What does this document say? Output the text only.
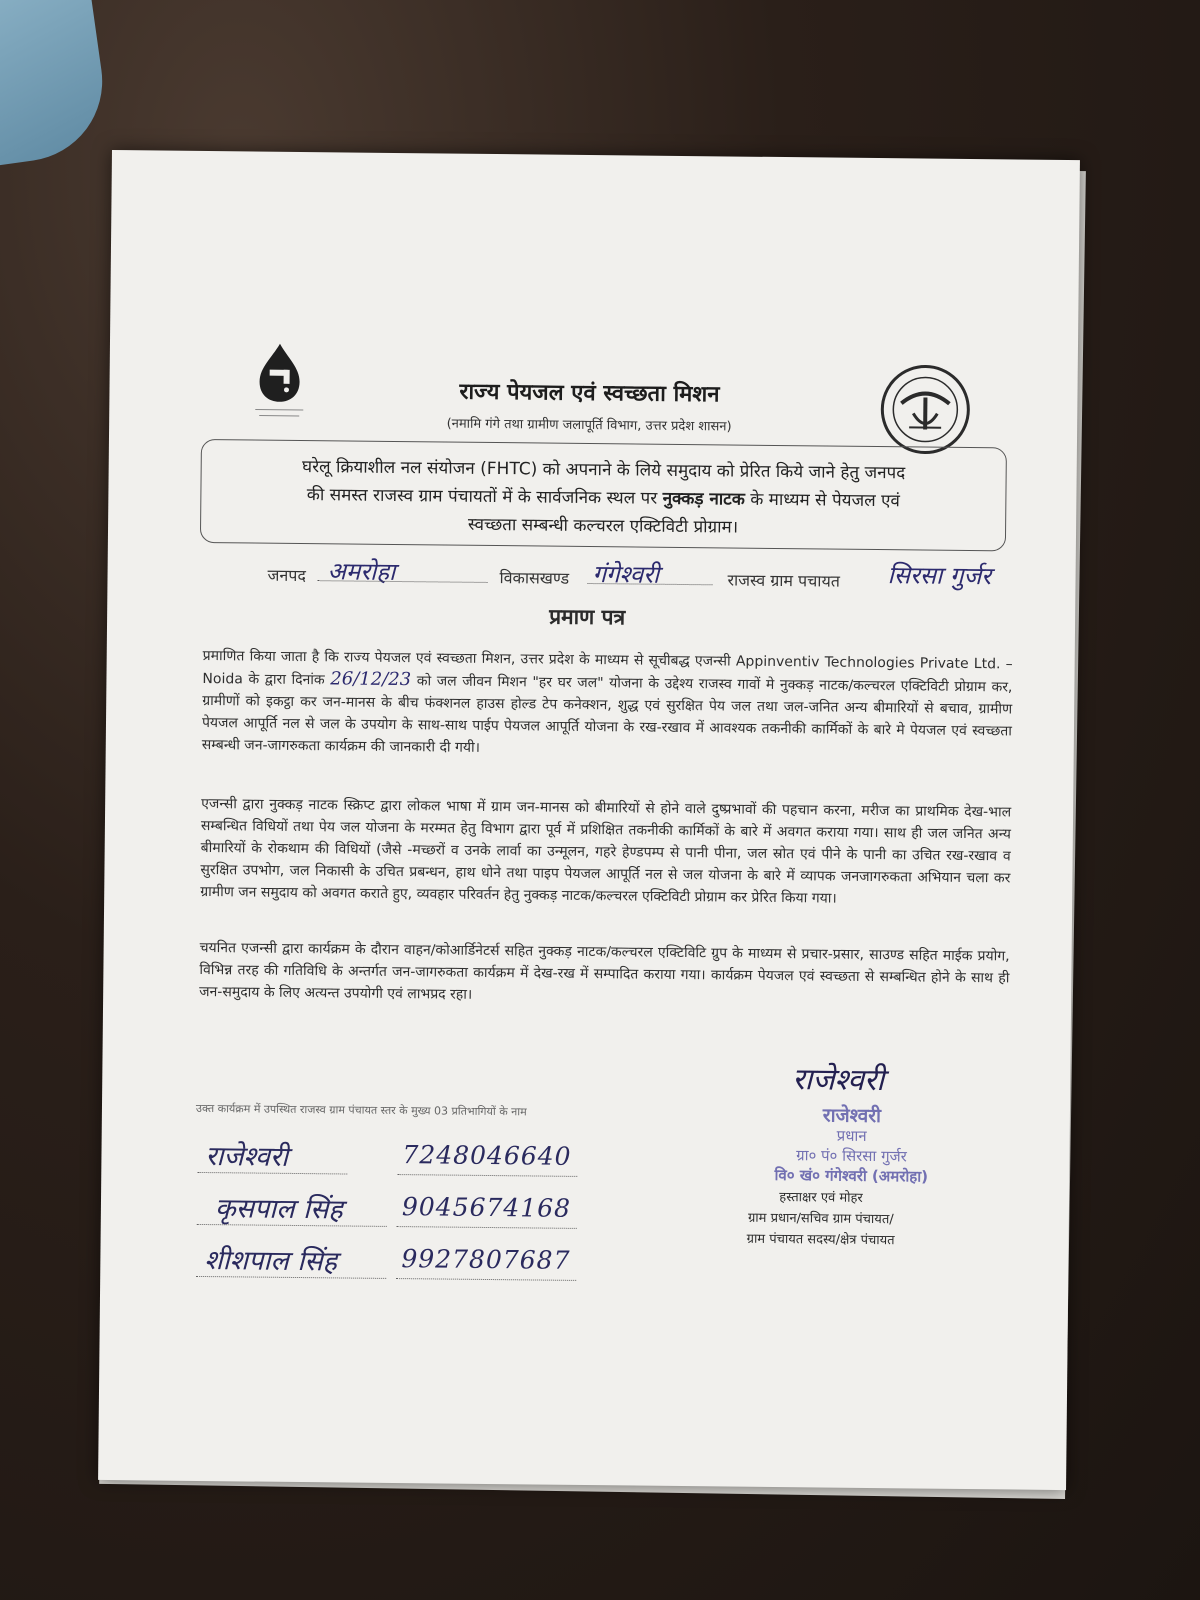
राज्य पेयजल एवं स्वच्छता मिशन
(नमामि गंगे तथा ग्रामीण जलापूर्ति विभाग, उत्तर प्रदेश शासन)
घरेलू क्रियाशील नल संयोजन (FHTC) को अपनाने के लिये समुदाय को प्रेरित किये जाने हेतु जनपद
की समस्त राजस्व ग्राम पंचायतों में के सार्वजनिक स्थल पर नुक्कड़ नाटक के माध्यम से पेयजल एवं
स्वच्छता सम्बन्धी कल्चरल एक्टिविटी प्रोग्राम।
जनपद अमरोहा	विकासखण्ड गंगेश्वरी	राजस्व ग्राम पचायत सिरसा गुर्जर
प्रमाण पत्र
प्रमाणित किया जाता है कि राज्य पेयजल एवं स्वच्छता मिशन, उत्तर प्रदेश के माध्यम से सूचीबद्ध एजन्सी Appinventiv Technologies Private Ltd. – Noida के द्वारा दिनांक 26/12/23 को जल जीवन मिशन "हर घर जल" योजना के उद्देश्य राजस्व गावों मे नुक्कड़ नाटक/कल्चरल एक्टिविटी प्रोग्राम कर, ग्रामीणों को इकट्ठा कर जन-मानस के बीच फंक्शनल हाउस होल्ड टेप कनेक्शन, शुद्ध एवं सुरक्षित पेय जल तथा जल-जनित अन्य बीमारियों से बचाव, ग्रामीण पेयजल आपूर्ति नल से जल के उपयोग के साथ-साथ पाईप पेयजल आपूर्ति योजना के रख-रखाव में आवश्यक तकनीकी कार्मिकों के बारे मे पेयजल एवं स्वच्छता सम्बन्धी जन-जागरुकता कार्यक्रम की जानकारी दी गयी।
एजन्सी द्वारा नुक्कड़ नाटक स्क्रिप्ट द्वारा लोकल भाषा में ग्राम जन-मानस को बीमारियों से होने वाले दुष्प्रभावों की पहचान करना, मरीज का प्राथमिक देख-भाल सम्बन्धित विधियों तथा पेय जल योजना के मरम्मत हेतु विभाग द्वारा पूर्व में प्रशिक्षित तकनीकी कार्मिकों के बारे में अवगत कराया गया। साथ ही जल जनित अन्य बीमारियों के रोकथाम की विधियों (जैसे -मच्छरों व उनके लार्वा का उन्मूलन, गहरे हेण्डपम्प से पानी पीना, जल स्रोत एवं पीने के पानी का उचित रख-रखाव व सुरक्षित उपभोग, जल निकासी के उचित प्रबन्धन, हाथ धोने तथा पाइप पेयजल आपूर्ति नल से जल योजना के बारे में व्यापक जनजागरुकता अभियान चला कर ग्रामीण जन समुदाय को अवगत कराते हुए, व्यवहार परिवर्तन हेतु नुक्कड़ नाटक/कल्चरल एक्टिविटी प्रोग्राम कर प्रेरित किया गया।
चयनित एजन्सी द्वारा कार्यक्रम के दौरान वाहन/कोआर्डिनेटर्स सहित नुक्कड़ नाटक/कल्चरल एक्टिविटि ग्रुप के माध्यम से प्रचार-प्रसार, साउण्ड सहित माईक प्रयोग, विभिन्न तरह की गतिविधि के अन्तर्गत जन-जागरुकता कार्यक्रम में देख-रख में सम्पादित कराया गया। कार्यक्रम पेयजल एवं स्वच्छता से सम्बन्धित होने के साथ ही जन-समुदाय के लिए अत्यन्त उपयोगी एवं लाभप्रद रहा।
उक्त कार्यक्रम में उपस्थित राजस्व ग्राम पंचायत स्तर के मुख्य 03 प्रतिभागियों के नाम
राजेश्वरी	7248046640
कृसपाल सिंह 9045674168
शीशपाल सिंह	9927807687
राजेश्वरी
राजेश्वरी
प्रधान
ग्रा० पं० सिरसा गुर्जर
वि० खं० गंगेश्वरी (अमरोहा)
हस्ताक्षर एवं मोहर
ग्राम प्रधान/सचिव ग्राम पंचायत/
ग्राम पंचायत सदस्य/क्षेत्र पंचायत
